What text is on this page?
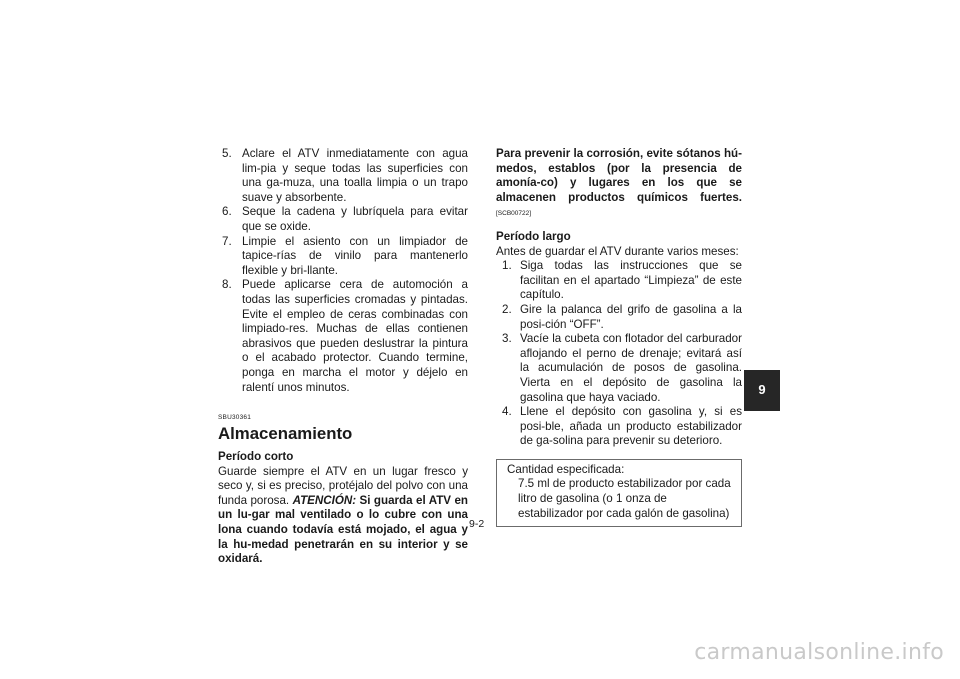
5. Aclare el ATV inmediatamente con agua lim-pia y seque todas las superficies con una ga-muza, una toalla limpia o un trapo suave y absorbente.
6. Seque la cadena y lubríquela para evitar que se oxide.
7. Limpie el asiento con un limpiador de tapice-rías de vinilo para mantenerlo flexible y bri-llante.
8. Puede aplicarse cera de automoción a todas las superficies cromadas y pintadas. Evite el empleo de ceras combinadas con limpiado-res. Muchas de ellas contienen abrasivos que pueden deslustrar la pintura o el acabado protector. Cuando termine, ponga en marcha el motor y déjelo en ralentí unos minutos.
SBU30361
Almacenamiento
Período corto
Guarde siempre el ATV en un lugar fresco y seco y, si es preciso, protéjalo del polvo con una funda porosa. ATENCIÓN: Si guarda el ATV en un lu-gar mal ventilado o lo cubre con una lona cuando todavía está mojado, el agua y la hu-medad penetrarán en su interior y se oxidará.
Para prevenir la corrosión, evite sótanos hú-medos, establos (por la presencia de amonía-co) y lugares en los que se almacenen productos químicos fuertes. [SCB00722]
Período largo
Antes de guardar el ATV durante varios meses:
1. Siga todas las instrucciones que se facilitan en el apartado “Limpieza” de este capítulo.
2. Gire la palanca del grifo de gasolina a la posi-ción “OFF”.
3. Vacíe la cubeta con flotador del carburador aflojando el perno de drenaje; evitará así la acumulación de posos de gasolina. Vierta en el depósito de gasolina la gasolina que haya vaciado.
4. Llene el depósito con gasolina y, si es posi-ble, añada un producto estabilizador de ga-solina para prevenir su deterioro.
Cantidad especificada:
7.5 ml de producto estabilizador por cada litro de gasolina (o 1 onza de estabilizador por cada galón de gasolina)
9-2
9
carmanualsonline.info
